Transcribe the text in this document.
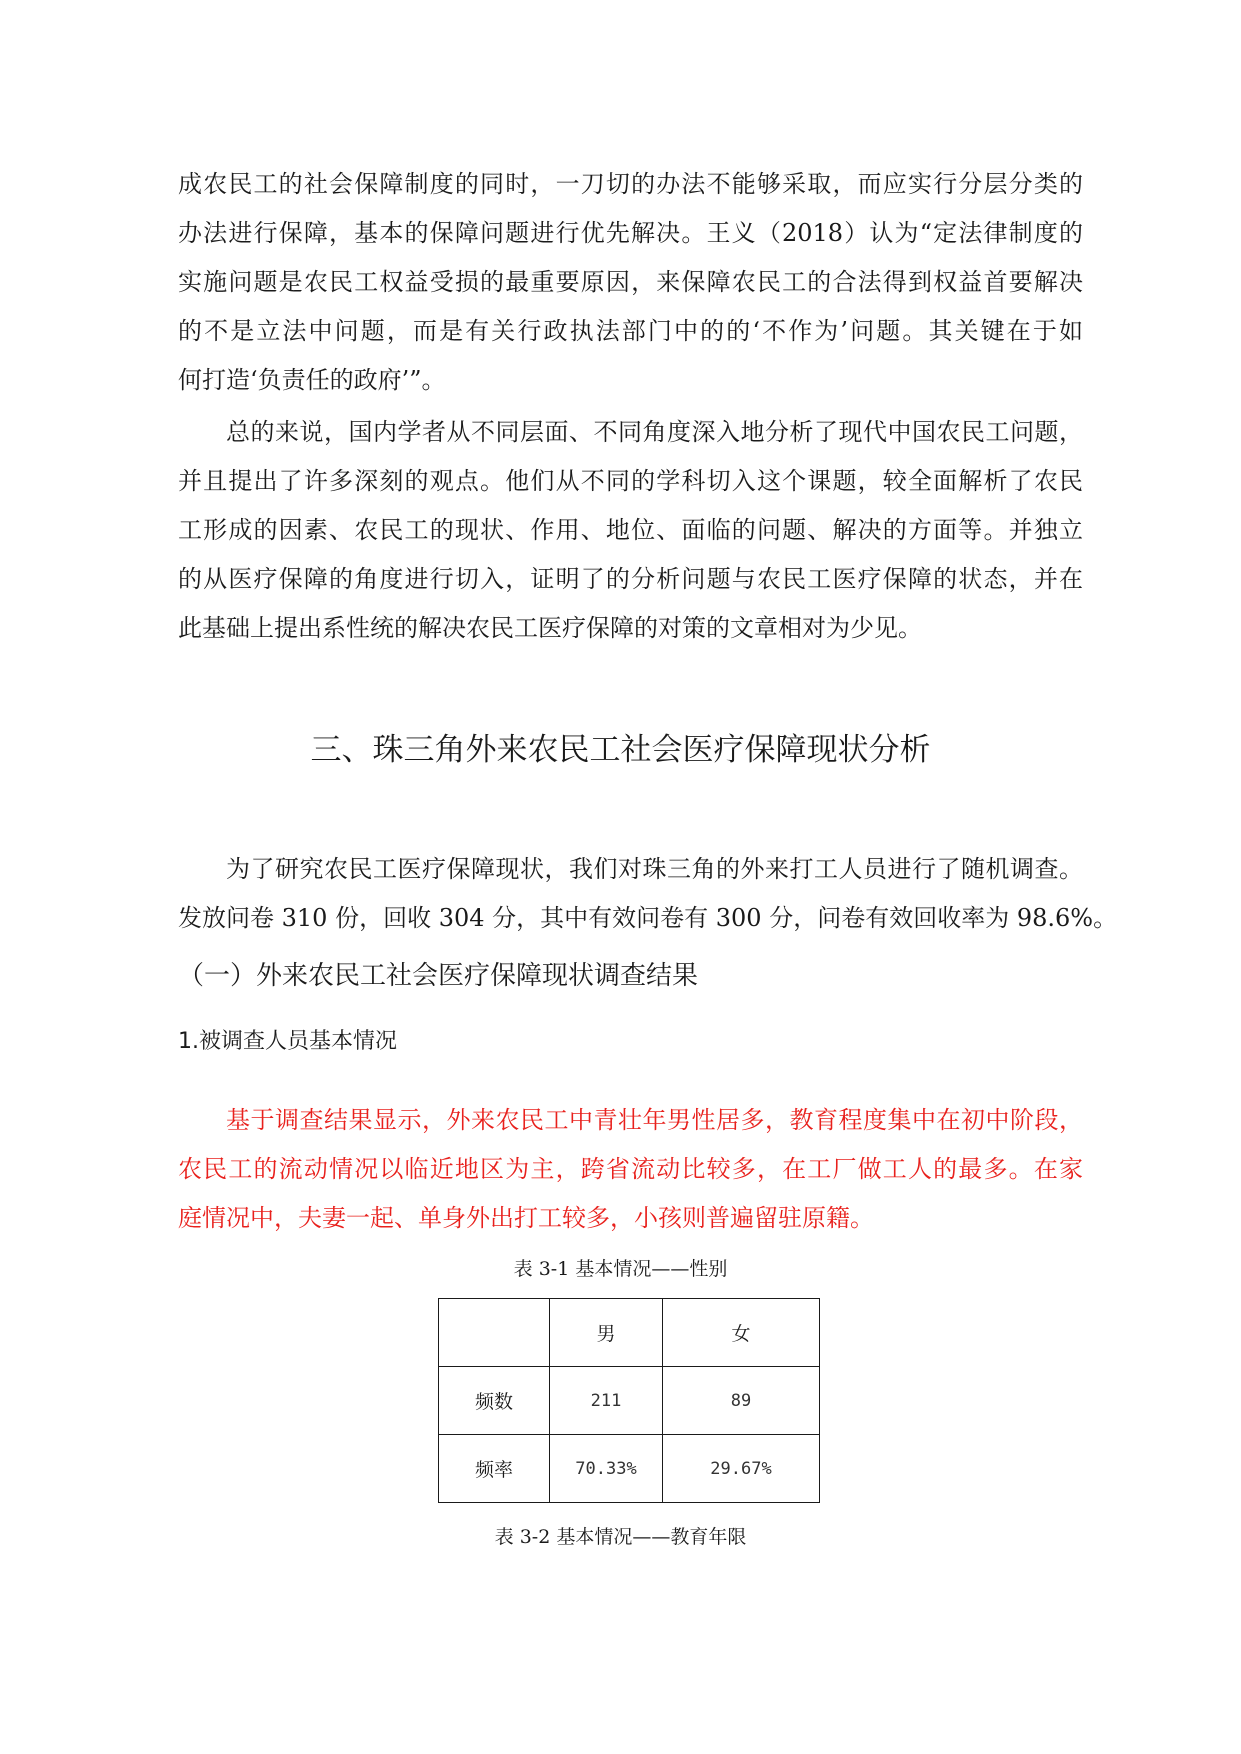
成农民工的社会保障制度的同时，一刀切的办法不能够采取，而应实行分层分类的
办法进行保障，基本的保障问题进行优先解决。王义（2018）认为“定法律制度的
实施问题是农民工权益受损的最重要原因，来保障农民工的合法得到权益首要解决
的不是立法中问题，而是有关行政执法部门中的的‘不作为’问题。其关键在于如
何打造‘负责任的政府’”。
总的来说，国内学者从不同层面、不同角度深入地分析了现代中国农民工问题，
并且提出了许多深刻的观点。他们从不同的学科切入这个课题，较全面解析了农民
工形成的因素、农民工的现状、作用、地位、面临的问题、解决的方面等。并独立
的从医疗保障的角度进行切入，证明了的分析问题与农民工医疗保障的状态，并在
此基础上提出系性统的解决农民工医疗保障的对策的文章相对为少见。
三、珠三角外来农民工社会医疗保障现状分析
为了研究农民工医疗保障现状，我们对珠三角的外来打工人员进行了随机调查。
发放问卷 310 份，回收 304 分，其中有效问卷有 300 分，问卷有效回收率为 98.6%。
（一）外来农民工社会医疗保障现状调查结果
1.被调查人员基本情况
基于调查结果显示，外来农民工中青壮年男性居多，教育程度集中在初中阶段，
农民工的流动情况以临近地区为主，跨省流动比较多，在工厂做工人的最多。在家
庭情况中，夫妻一起、单身外出打工较多，小孩则普遍留驻原籍。

表 3-1 基本情况——性别

	男	女
频数	211	89
频率	70.33%	29.67%

表 3-2 基本情况——教育年限
